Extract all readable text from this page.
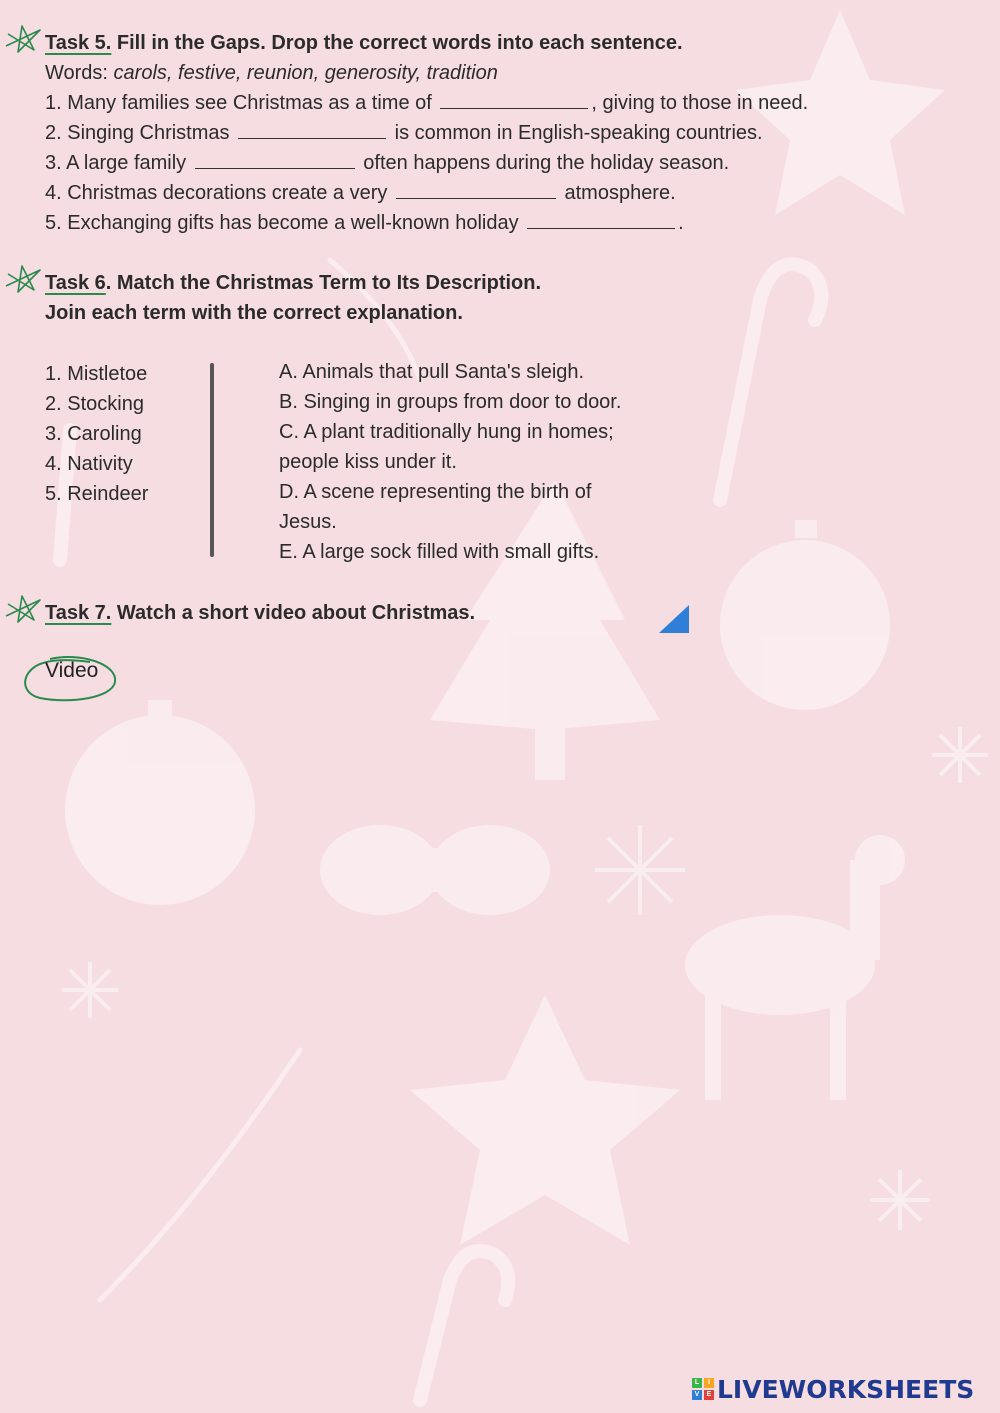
Task 5. Fill in the Gaps. Drop the correct words into each sentence.
Words: carols, festive, reunion, generosity, tradition
1. Many families see Christmas as a time of	, giving to those in need.
2. Singing Christmas	is common in English-speaking countries.
3. A large family	often happens during the holiday season.
4. Christmas decorations create a very	atmosphere.
5. Exchanging gifts has become a well-known holiday	.
Task 6. Match the Christmas Term to Its Description.
Join each term with the correct explanation.
1. Mistletoe
2. Stocking
3. Caroling
4. Nativity
5. Reindeer
A. Animals that pull Santa's sleigh.
B. Singing in groups from door to door.
C. A plant traditionally hung in homes;
people kiss under it.
D. A scene representing the birth of
Jesus.
E. A large sock filled with small gifts.
Task 7. Watch a short video about Christmas.
Video
L	I
V	E LIVEWORKSHEETS
